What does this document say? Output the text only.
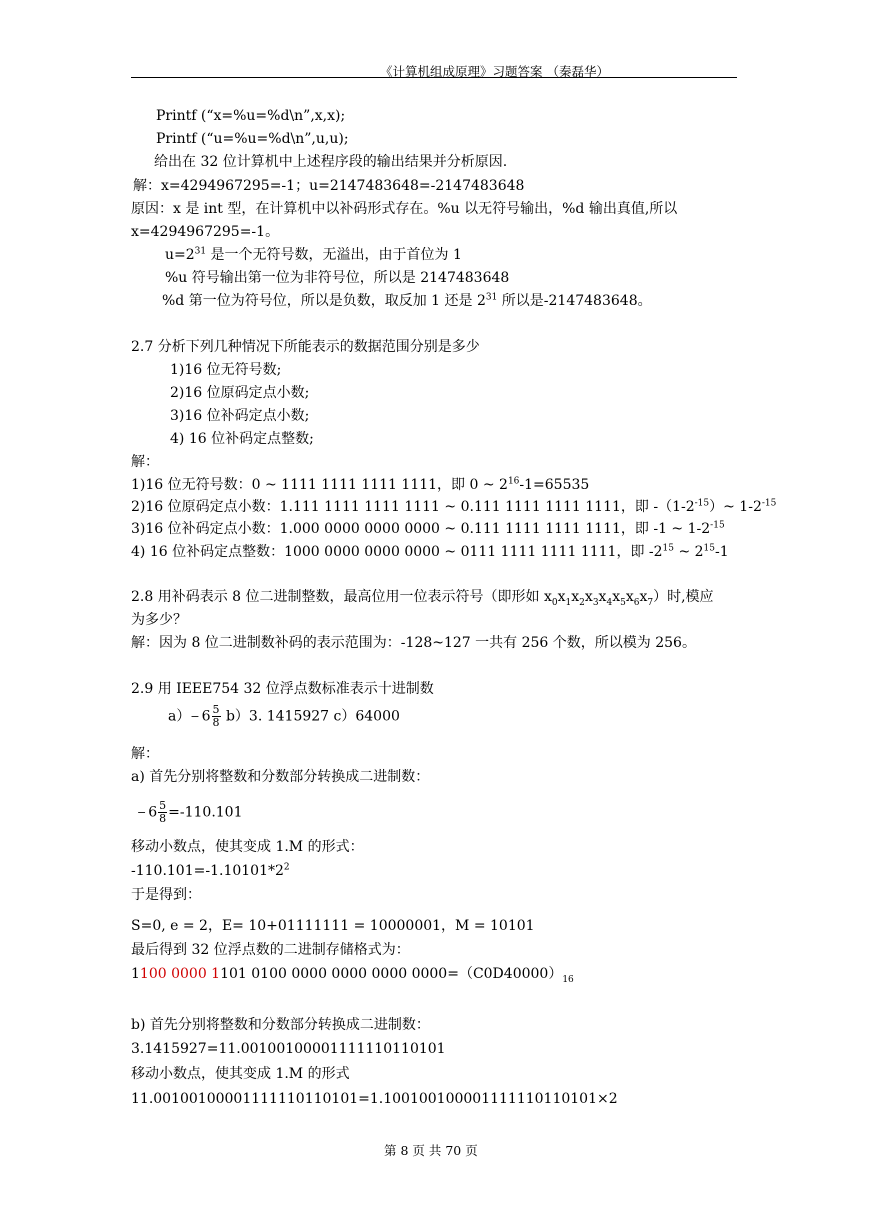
《计算机组成原理》习题答案 （秦磊华）
Printf (“x=%u=%d\n”,x,x);
Printf (“u=%u=%d\n”,u,u);
给出在 32 位计算机中上述程序段的输出结果并分析原因.
解：x=4294967295=-1；u=2147483648=-2147483648
原因：x 是 int 型，在计算机中以补码形式存在。%u 以无符号输出，%d 输出真值,所以
x=4294967295=-1。
$u=2^{31}$ 是一个无符号数，无溢出，由于首位为 1
%u 符号输出第一位为非符号位，所以是 2147483648
%d 第一位为符号位，所以是负数，取反加 1 还是 $2^{31}$ 所以是-2147483648。
2.7 分析下列几种情况下所能表示的数据范围分别是多少
1)16 位无符号数;
2)16 位原码定点小数;
3)16 位补码定点小数;
4) 16 位补码定点整数;
解：
1)16 位无符号数：0 ~ 1111 1111 1111 1111，即 0 ~ $2^{16}-1=65535$
2)16 位原码定点小数：1.111 1111 1111 1111 ~ 0.111 1111 1111 1111，即 $-(1-2^{-15})\sim$ $1-2^{-15}$
3)16 位补码定点小数：1.000 0000 0000 0000 ~ 0.111 1111 1111 1111，即 -1 ~ $1-2^{-15}$
4) 16 位补码定点整数：1000 0000 0000 0000 ~ 0111 1111 1111 1111，即 $-2^{15}$ ~ $2^{15}-1$
2.8 用补码表示 8 位二进制整数，最高位用一位表示符号（即形如 $x_0x_1x_2x_3x_4x_5x_6x_7$）时,模应
为多少？
解：因为 8 位二进制数补码的表示范围为：-128~127 一共有 256 个数，所以模为 256。
2.9 用 IEEE754 32 位浮点数标准表示十进制数
$a)- 6 \frac{5}{8} b)3$. 1415927 c）64000
解：
a) 首先分别将整数和分数部分转换成二进制数：
− $6 \frac{5}{8} =-110.101$
移动小数点，使其变成 1.M 的形式：
$-110.101=-1.10101*2^2$
于是得到：
S=0, e = 2，E= 10+01111111 = 10000001，M = 10101
最后得到 32 位浮点数的二进制存储格式为：
1100 0000 1101 0100 0000 0000 0000 $0000=(C0D40000)_{16}$
b) 首先分别将整数和分数部分转换成二进制数：
3.1415927=11.00100100001111110110101
移动小数点，使其变成 1.M 的形式
11.00100100001111110110101=1.100100100001111110110101×2
第 8 页 共 70 页
